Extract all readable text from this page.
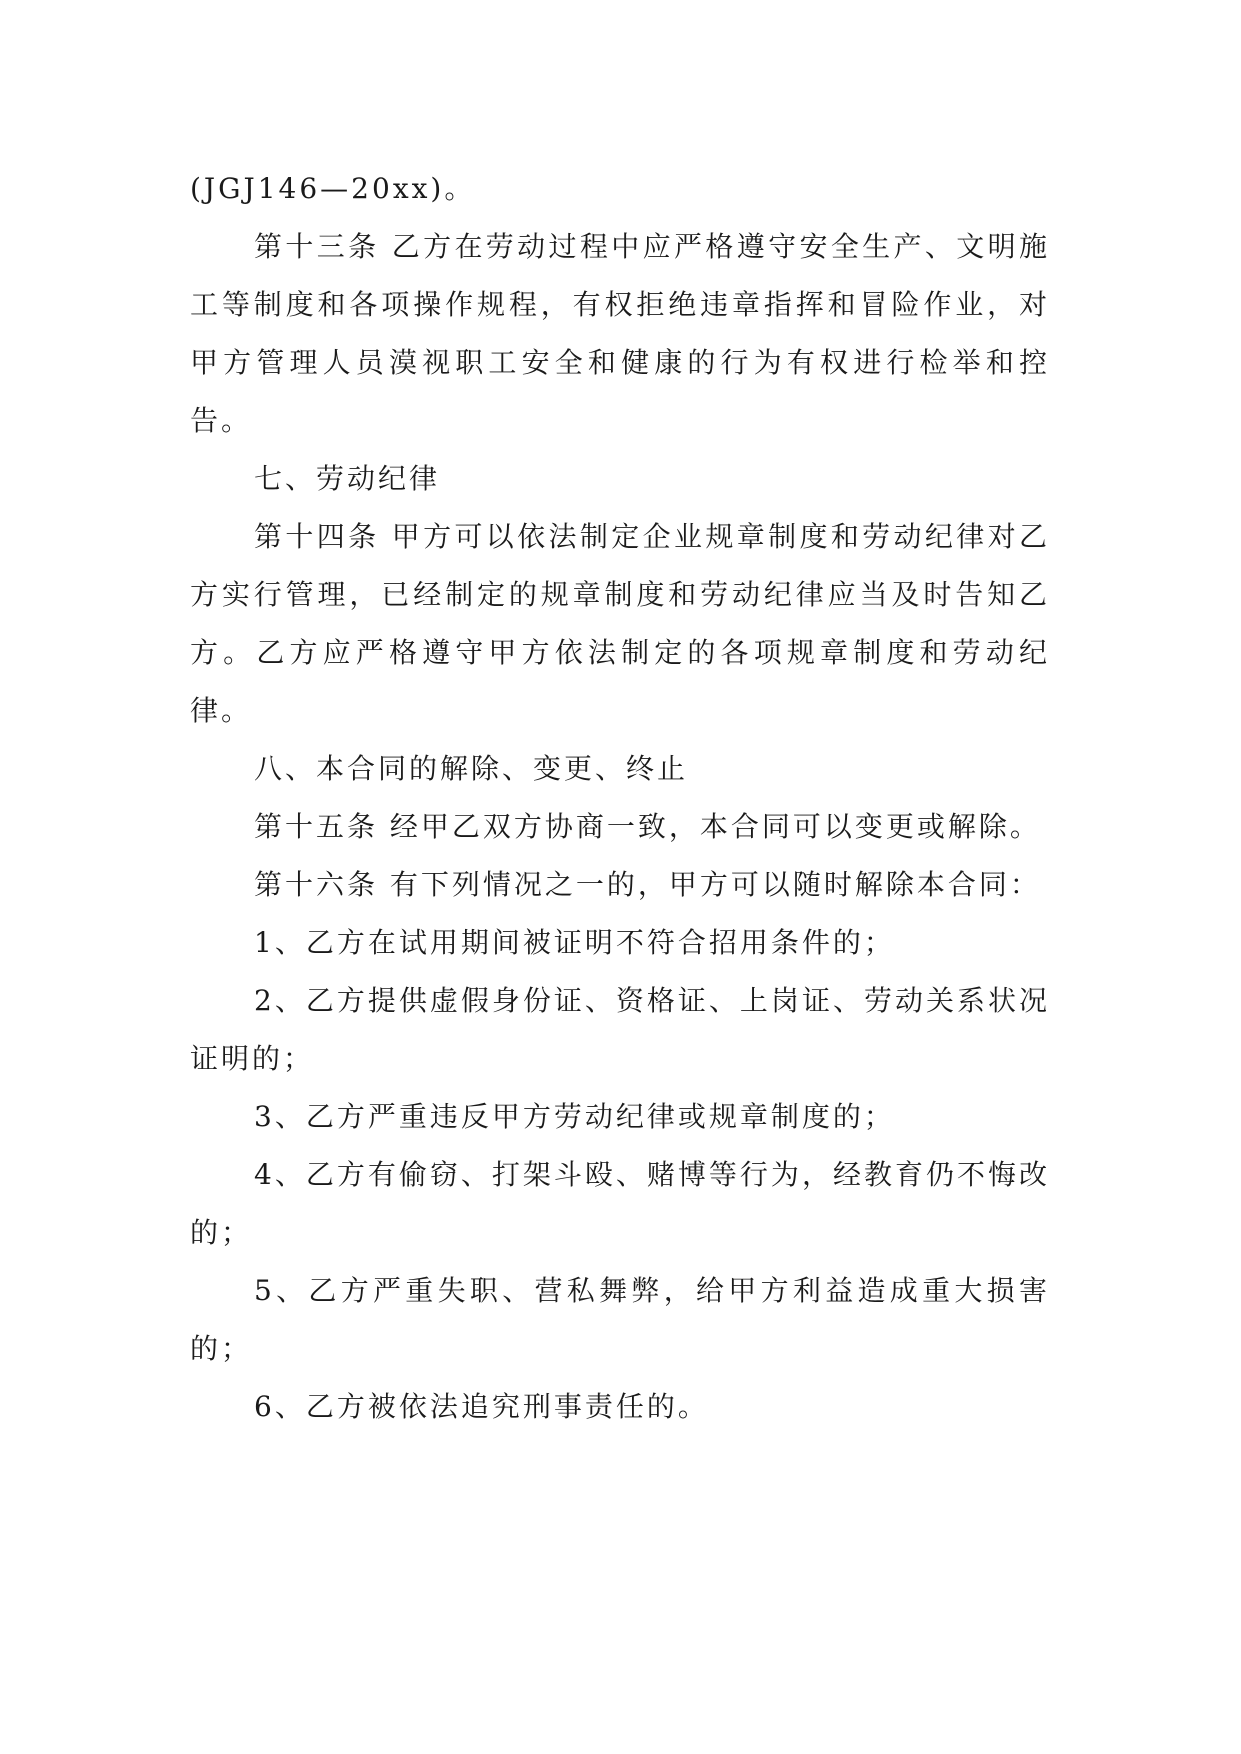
(JGJ146—20xx)。

第十三条 乙方在劳动过程中应严格遵守安全生产、文明施工等制度和各项操作规程，有权拒绝违章指挥和冒险作业，对甲方管理人员漠视职工安全和健康的行为有权进行检举和控告。

七、劳动纪律

第十四条 甲方可以依法制定企业规章制度和劳动纪律对乙方实行管理，已经制定的规章制度和劳动纪律应当及时告知乙方。乙方应严格遵守甲方依法制定的各项规章制度和劳动纪律。

八、本合同的解除、变更、终止

第十五条 经甲乙双方协商一致，本合同可以变更或解除。

第十六条 有下列情况之一的，甲方可以随时解除本合同：

1、乙方在试用期间被证明不符合招用条件的；

2、乙方提供虚假身份证、资格证、上岗证、劳动关系状况证明的；

3、乙方严重违反甲方劳动纪律或规章制度的；

4、乙方有偷窃、打架斗殴、赌博等行为，经教育仍不悔改的；

5、乙方严重失职、营私舞弊，给甲方利益造成重大损害的；

6、乙方被依法追究刑事责任的。
